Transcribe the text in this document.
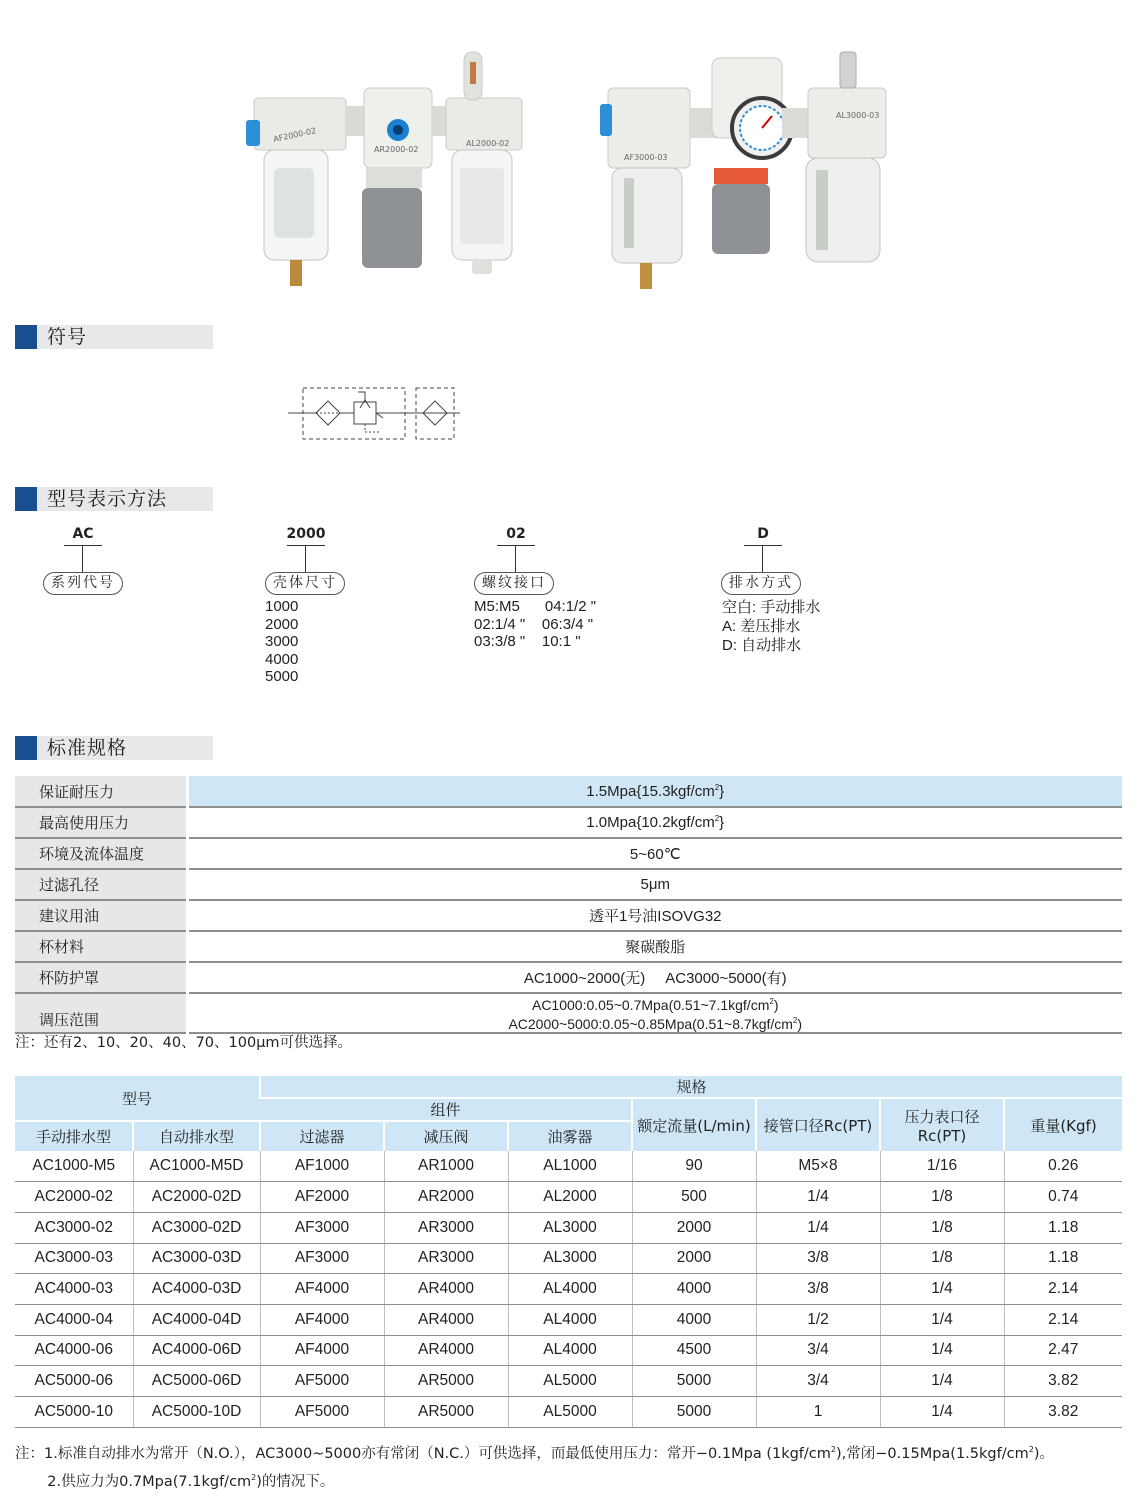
AF2000-02
AR2000-02
AL2000-02
AF3000-03
AL3000-03
符号
型号表示方法
AC
系列代号
2000
壳体尺寸
1000
2000
3000
4000
5000
02
螺纹接口
M5:M5      04:1/2 "
02:1/4 "    06:3/4 "
03:3/8 "    10:1 "
D
排水方式
空白: 手动排水
A: 差压排水
D: 自动排水
标准规格
保证耐压力	$1.5Mpa\{15.3kgf/cm^2\}$
最高使用压力	$1.0Mpa\{10.2kgf/cm^2\}$
环境及流体温度	5~60℃
过滤孔径	5μm
建议用油	透平1号油ISOVG32
杯材料	聚碳酸脂
杯防护罩	AC1000~2000(无)     AC3000~5000(有)
调压范围	$AC1000:0.05\sim 0.7Mpa(0.51\sim 7.1kgf/cm^2)$
$AC2000\sim 5000:0.05\sim 0.85Mpa(0.51\sim 8.7kgf/cm^2)$
注：还有2、10、20、40、70、100μm可供选择。
型号		规格						
		组件			额定流量(L/min)	接管口径Rc(PT)	压力表口径Rc(PT)	重量(Kgf)
手动排水型	自动排水型	过滤器	减压阀	油雾器				
AC1000-M5	AC1000-M5D	AF1000	AR1000	AL1000	90	M5×8	1/16	0.26
AC2000-02	AC2000-02D	AF2000	AR2000	AL2000	500	1/4	1/8	0.74
AC3000-02	AC3000-02D	AF3000	AR3000	AL3000	2000	1/4	1/8	1.18
AC3000-03	AC3000-03D	AF3000	AR3000	AL3000	2000	3/8	1/8	1.18
AC4000-03	AC4000-03D	AF4000	AR4000	AL4000	4000	3/8	1/4	2.14
AC4000-04	AC4000-04D	AF4000	AR4000	AL4000	4000	1/2	1/4	2.14
AC4000-06	AC4000-06D	AF4000	AR4000	AL4000	4500	3/4	1/4	2.47
AC5000-06	AC5000-06D	AF5000	AR5000	AL5000	5000	3/4	1/4	3.82
AC5000-10	AC5000-10D	AF5000	AR5000	AL5000	5000	1	1/4	3.82
注：1.标准自动排水为常开（N.O.），AC3000~5000亦有常闭（N.C.）可供选择，而最低使用压力：常开−0.1Mpa $(1kgf/cm^2)$,常闭$-0.15Mpa(1.5kgf/cm^2)$。
2.供应力为$0.7Mpa(7.1kgf/cm^2)$的情况下。
